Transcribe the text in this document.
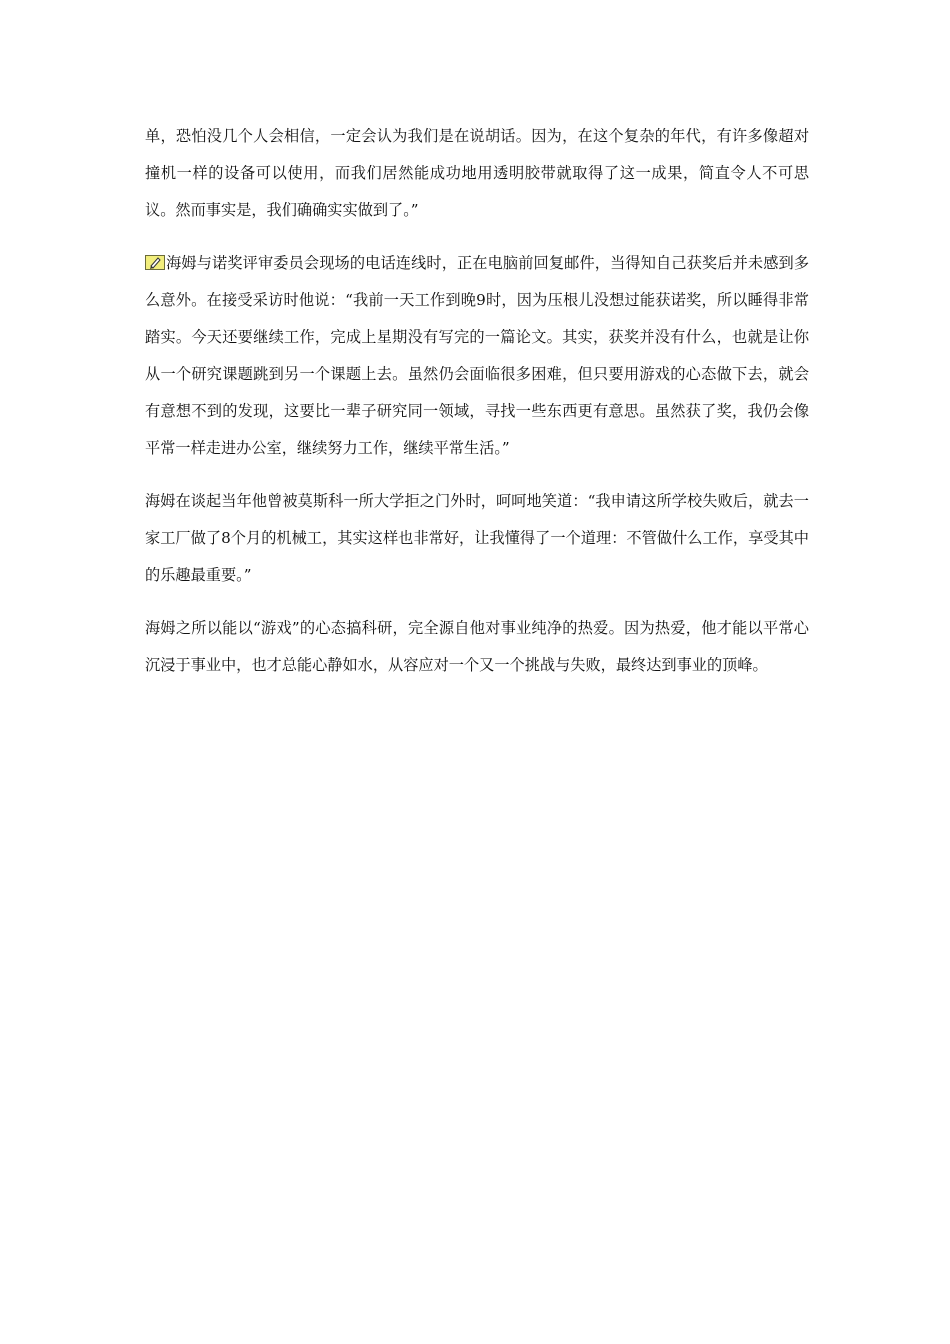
单，恐怕没几个人会相信，一定会认为我们是在说胡话。因为，在这个复杂的年代，有许多像超对撞机一样的设备可以使用，而我们居然能成功地用透明胶带就取得了这一成果，简直令人不可思议。然而事实是，我们确确实实做到了。”

海姆与诺奖评审委员会现场的电话连线时，正在电脑前回复邮件，当得知自己获奖后并未感到多么意外。在接受采访时他说：“我前一天工作到晚9时，因为压根儿没想过能获诺奖，所以睡得非常踏实。今天还要继续工作，完成上星期没有写完的一篇论文。其实，获奖并没有什么，也就是让你从一个研究课题跳到另一个课题上去。虽然仍会面临很多困难，但只要用游戏的心态做下去，就会有意想不到的发现，这要比一辈子研究同一领域，寻找一些东西更有意思。虽然获了奖，我仍会像平常一样走进办公室，继续努力工作，继续平常生活。”

海姆在谈起当年他曾被莫斯科一所大学拒之门外时，呵呵地笑道：“我申请这所学校失败后，就去一家工厂做了8个月的机械工，其实这样也非常好，让我懂得了一个道理：不管做什么工作，享受其中的乐趣最重要。”

海姆之所以能以“游戏”的心态搞科研，完全源自他对事业纯净的热爱。因为热爱，他才能以平常心沉浸于事业中，也才总能心静如水，从容应对一个又一个挑战与失败，最终达到事业的顶峰。
